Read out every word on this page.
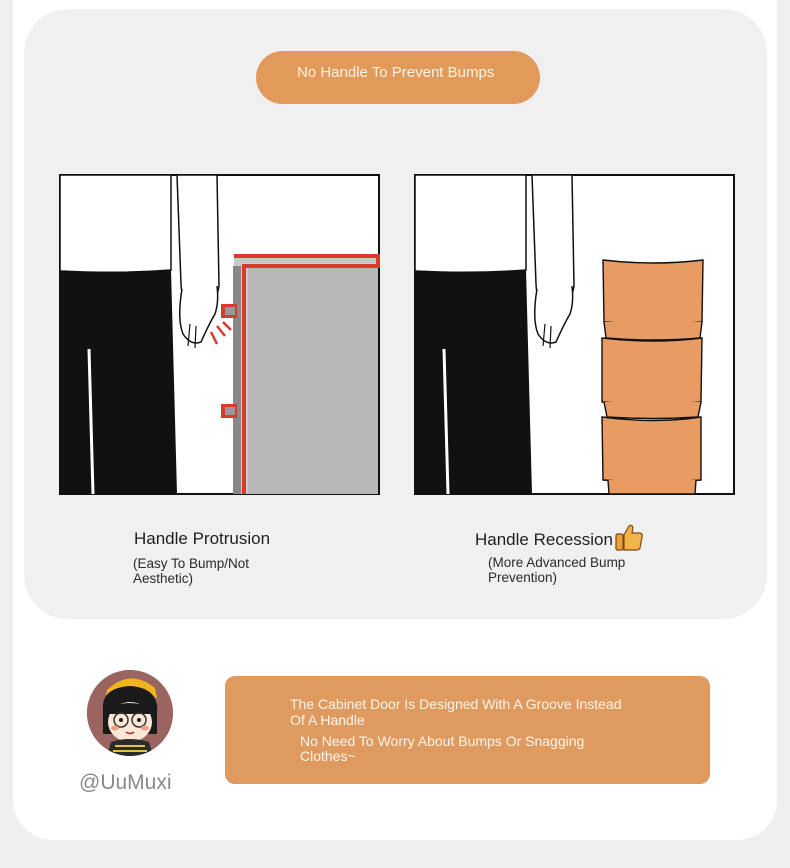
No Handle To Prevent Bumps
Handle Protrusion
(Easy To Bump/Not Aesthetic)
Handle Recession
(More Advanced Bump Prevention)
@UuMuxi
The Cabinet Door Is Designed With A Groove Instead Of A Handle
No Need To Worry About Bumps Or Snagging Clothes~
